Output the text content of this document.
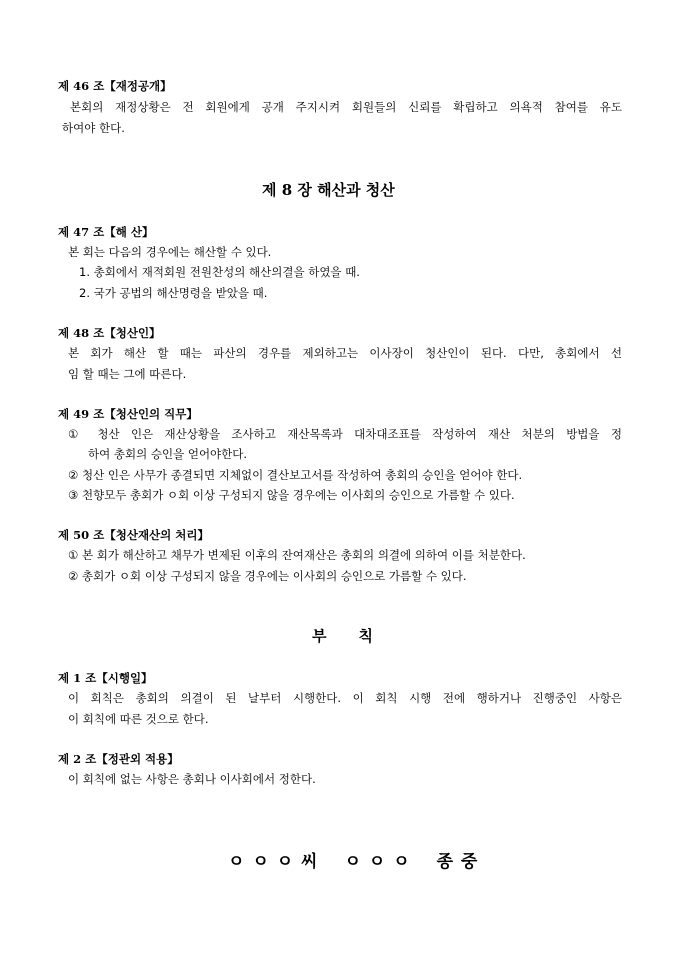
제 46 조【재정공개】
본회의 재정상황은 전 회원에게 공개 주지시켜 회원들의 신뢰를 확립하고 의욕적 참여를 유도
하여야 한다.
제 8 장 해산과 청산
제 47 조【해 산】
본 회는 다음의 경우에는 해산할 수 있다.
1. 총회에서 재적회원 전원찬성의 해산의결을 하였을 때.
2. 국가 공법의 해산명령을 받았을 때.
제 48 조【청산인】
본 회가 해산 할 때는 파산의 경우를 제외하고는 이사장이 청산인이 된다. 다만, 총회에서 선
임 할 때는 그에 따른다.
제 49 조【청산인의 직무】
① 청산 인은 재산상황을 조사하고 재산목록과 대차대조표를 작성하여 재산 처분의 방법을 정
하여 총회의 승인을 얻어야한다.
② 청산 인은 사무가 종결되면 지체없이 결산보고서를 작성하여 총회의 승인을 얻어야 한다.
③ 천향모두 총회가 ㅇ회 이상 구성되지 않을 경우에는 이사회의 승인으로 가름할 수 있다.
제 50 조【청산재산의 처리】
① 본 회가 해산하고 채무가 변제된 이후의 잔여재산은 총회의 의결에 의하여 이를 처분한다.
② 총회가 ㅇ회 이상 구성되지 않을 경우에는 이사회의 승인으로 가름할 수 있다.
부 칙
제 1 조【시행일】
이 회칙은 총회의 의결이 된 날부터 시행한다. 이 회칙 시행 전에 행하거나 진행중인 사항은
이 회칙에 따른 것으로 한다.
제 2 조【정관외 적용】
이 회칙에 없는 사항은 총회나 이사회에서 정한다.
ㅇ ㅇ ㅇ 씨 ㅇ ㅇ ㅇ 종 중
